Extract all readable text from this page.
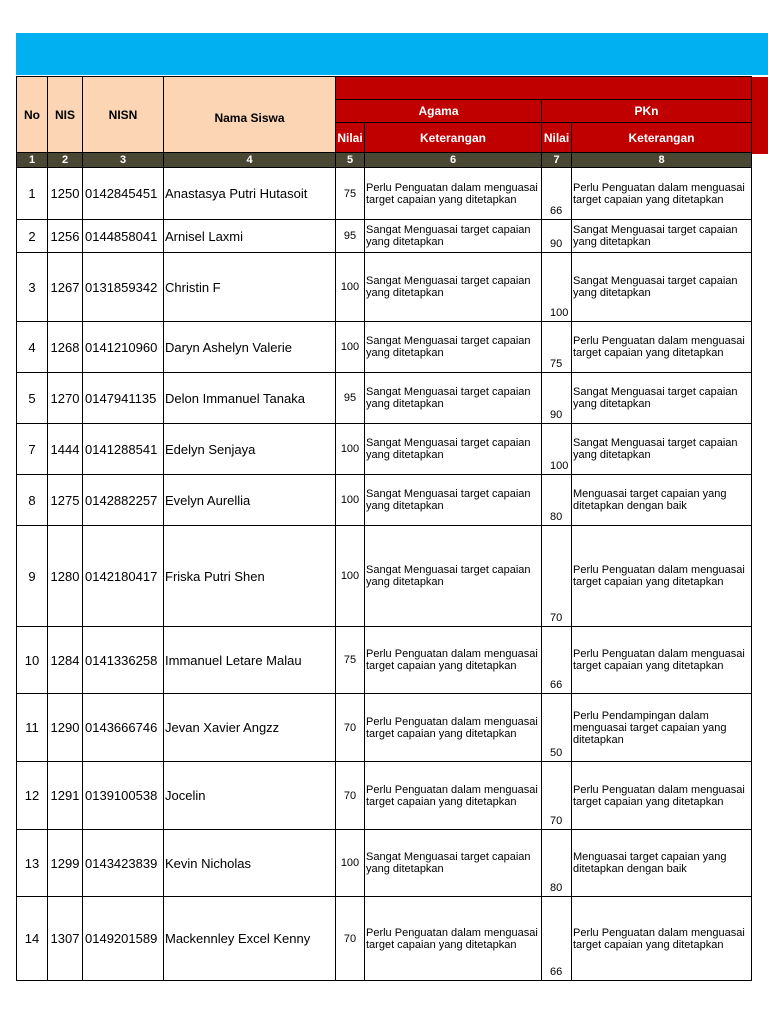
No	NIS	NISN	Nama Siswa				
				Agama		PKn	
				Nilai	Keterangan	Nilai	Keterangan
1	2	3	4	5	6	7	8
1	1250	0142845451	Anastasya Putri Hutasoit	75	Perlu Penguatan dalam menguasai target capaian yang ditetapkan	66	Perlu Penguatan dalam menguasai target capaian yang ditetapkan
2	1256	0144858041	Arnisel Laxmi	95	Sangat Menguasai target capaian yang ditetapkan	90	Sangat Menguasai target capaian yang ditetapkan
3	1267	0131859342	Christin F	100	Sangat Menguasai target capaian yang ditetapkan	100	Sangat Menguasai target capaian yang ditetapkan
4	1268	0141210960	Daryn Ashelyn Valerie	100	Sangat Menguasai target capaian yang ditetapkan	75	Perlu Penguatan dalam menguasai target capaian yang ditetapkan
5	1270	0147941135	Delon Immanuel Tanaka	95	Sangat Menguasai target capaian yang ditetapkan	90	Sangat Menguasai target capaian yang ditetapkan
7	1444	0141288541	Edelyn Senjaya	100	Sangat Menguasai target capaian yang ditetapkan	100	Sangat Menguasai target capaian yang ditetapkan
8	1275	0142882257	Evelyn Aurellia	100	Sangat Menguasai target capaian yang ditetapkan	80	Menguasai target capaian yang ditetapkan dengan baik
9	1280	0142180417	Friska Putri Shen	100	Sangat Menguasai target capaian yang ditetapkan	70	Perlu Penguatan dalam menguasai target capaian yang ditetapkan
10	1284	0141336258	Immanuel Letare Malau	75	Perlu Penguatan dalam menguasai target capaian yang ditetapkan	66	Perlu Penguatan dalam menguasai target capaian yang ditetapkan
11	1290	0143666746	Jevan Xavier Angzz	70	Perlu Penguatan dalam menguasai target capaian yang ditetapkan	50	Perlu Pendampingan dalam menguasai target capaian yang ditetapkan
12	1291	0139100538	Jocelin	70	Perlu Penguatan dalam menguasai target capaian yang ditetapkan	70	Perlu Penguatan dalam menguasai target capaian yang ditetapkan
13	1299	0143423839	Kevin Nicholas	100	Sangat Menguasai target capaian yang ditetapkan	80	Menguasai target capaian yang ditetapkan dengan baik
14	1307	0149201589	Mackennley Excel Kenny	70	Perlu Penguatan dalam menguasai target capaian yang ditetapkan	66	Perlu Penguatan dalam menguasai target capaian yang ditetapkan
